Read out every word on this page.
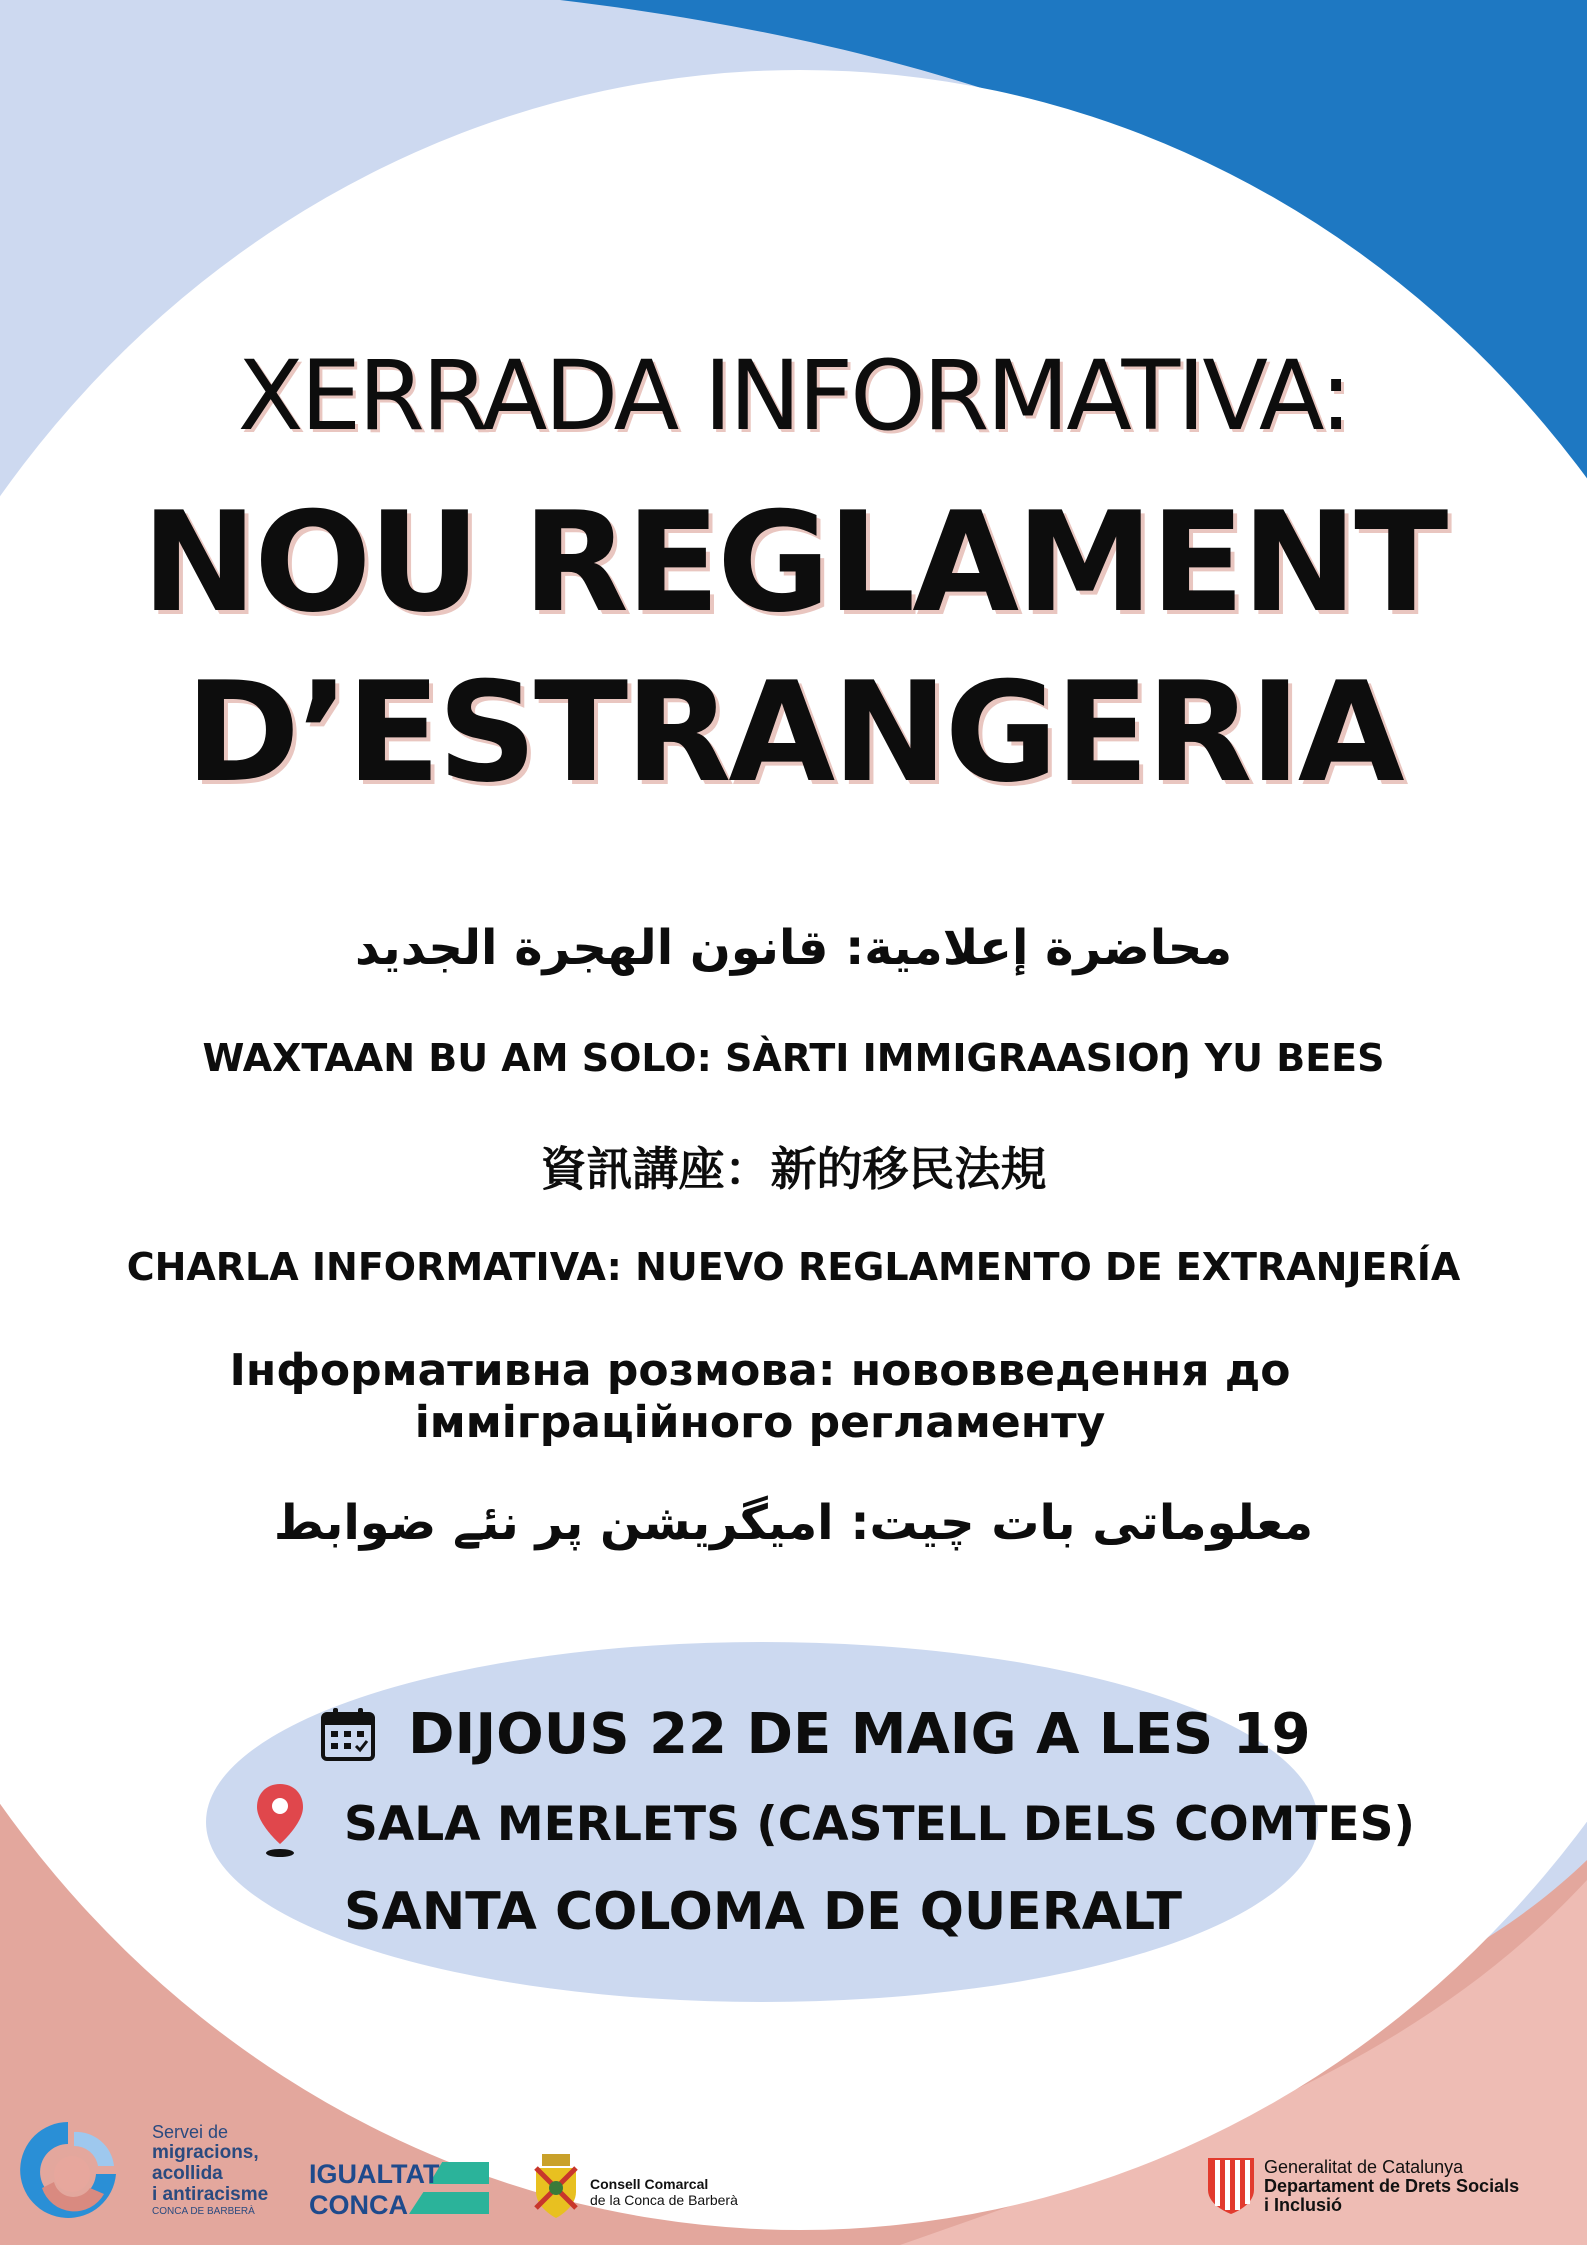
XERRADA INFORMATIVA:
NOU REGLAMENT
D’ESTRANGERIA

محاضرة إعلامية: قانون الهجرة الجديد

WAXTAAN BU AM SOLO: SÀRTI IMMIGRAASIOŊ YU BEES

資訊講座：新的移民法規

CHARLA INFORMATIVA: NUEVO REGLAMENTO DE EXTRANJERÍA

Інформативна розмова: нововведення до
імміграційного регламенту

معلوماتی بات چیت: امیگریشن پر نئے ضوابط

DIJOUS 22 DE MAIG A LES 19
SALA MERLETS (CASTELL DELS COMTES)
SANTA COLOMA DE QUERALT
Servei de
migracions,
acollida
i antiracisme
CONCA DE BARBERÀ
IGUALTAT
CONCA
Consell Comarcal
de la Conca de Barberà
Generalitat de Catalunya
Departament de Drets Socials
i Inclusió
